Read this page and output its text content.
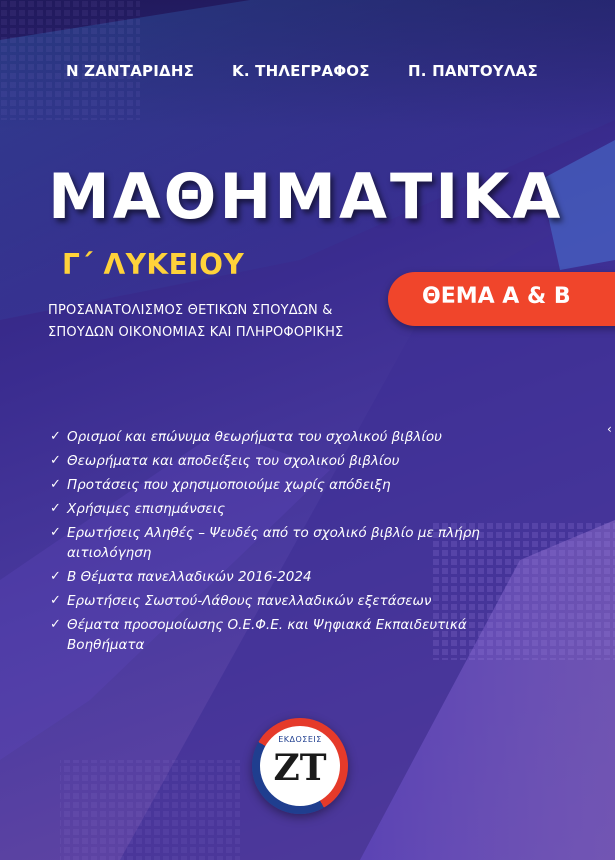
Ν ΖΑΝΤΑΡΙΔΗΣ	Κ. ΤΗΛΕΓΡΑΦΟΣ	Π. ΠΑΝΤΟΥΛΑΣ
ΜΑΘΗΜΑΤΙΚΑ
Γ΄ ΛΥΚΕΙΟΥ
ΠΡΟΣΑΝΑΤΟΛΙΣΜΟΣ ΘΕΤΙΚΩΝ ΣΠΟΥΔΩΝ &
ΣΠΟΥΔΩΝ ΟΙΚΟΝΟΜΙΑΣ ΚΑΙ ΠΛΗΡΟΦΟΡΙΚΗΣ
ΘΕΜΑ Α & Β
‹
✓ Ορισμοί και επώνυμα θεωρήματα του σχολικού βιβλίου
✓ Θεωρήματα και αποδείξεις του σχολικού βιβλίου
✓ Προτάσεις που χρησιμοποιούμε χωρίς απόδειξη
✓ Χρήσιμες επισημάνσεις
✓ Ερωτήσεις Αληθές – Ψευδές από το σχολικό βιβλίο με πλήρη αιτιολόγηση
✓ Β Θέματα πανελλαδικών 2016-2024
✓ Ερωτήσεις Σωστού-Λάθους πανελλαδικών εξετάσεων
✓ Θέματα προσομοίωσης Ο.Ε.Φ.Ε. και Ψηφιακά Εκπαιδευτικά Βοηθήματα
ΕΚΔΟΣΕΙΣ
ΖΤ
